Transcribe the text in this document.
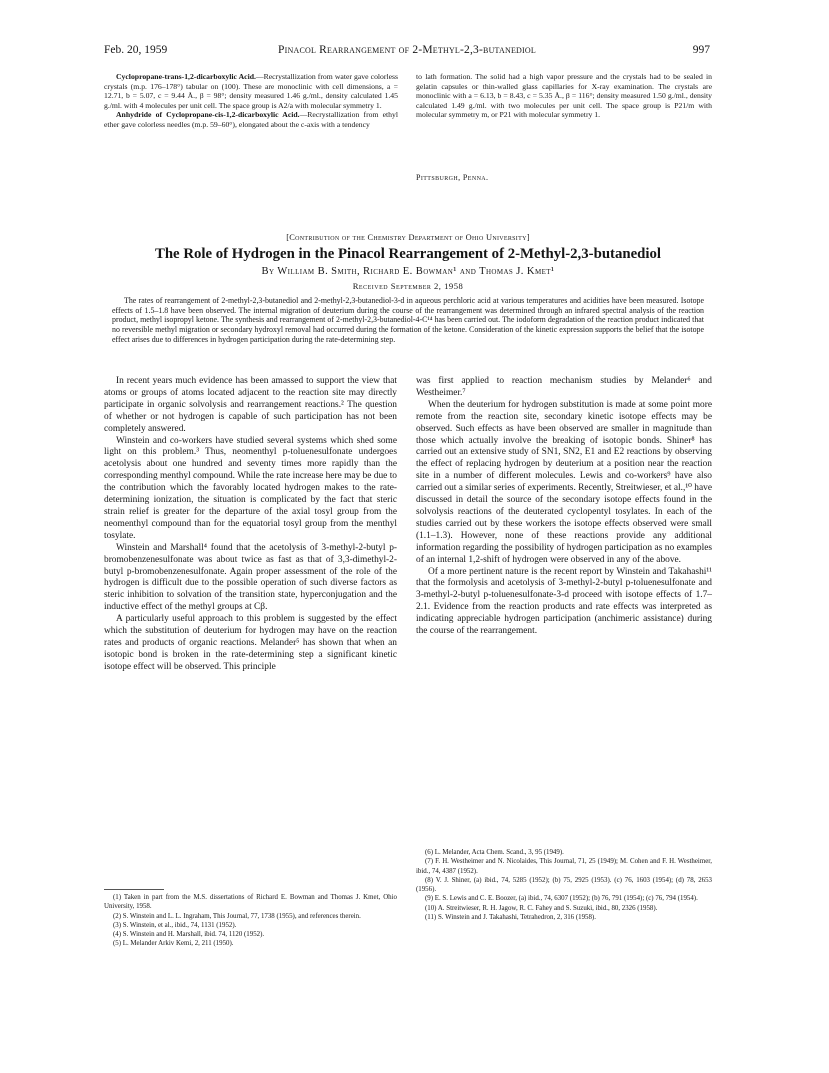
Feb. 20, 1959	Pinacol Rearrangement of 2-Methyl-2,3-butanediol	997

Cyclopropane-trans-1,2-dicarboxylic Acid.—Recrystallization from water gave colorless crystals (m.p. 176–178°) tabular on (100). These are monoclinic with cell dimensions, a = 12.71, b = 5.07, c = 9.44 Å., β = 98°; density measured 1.46 g./ml., density calculated 1.45 g./ml. with 4 molecules per unit cell. The space group is A2/a with molecular symmetry 1.

Anhydride of Cyclopropane-cis-1,2-dicarboxylic Acid.—Recrystallization from ethyl ether gave colorless needles (m.p. 59–60°), elongated about the c-axis with a tendency

to lath formation. The solid had a high vapor pressure and the crystals had to be sealed in gelatin capsules or thin-walled glass capillaries for X-ray examination. The crystals are monoclinic with a = 6.13, b = 8.43, c = 5.35 Å., β = 116°; density measured 1.50 g./ml., density calculated 1.49 g./ml. with two molecules per unit cell. The space group is P21/m with molecular symmetry m, or P21 with molecular symmetry 1.

Pittsburgh, Penna.
[Contribution of the Chemistry Department of Ohio University]
The Role of Hydrogen in the Pinacol Rearrangement of 2-Methyl-2,3-butanediol
By William B. Smith, Richard E. Bowman¹ and Thomas J. Kmet¹
Received September 2, 1958
The rates of rearrangement of 2-methyl-2,3-butanediol and 2-methyl-2,3-butanediol-3-d in aqueous perchloric acid at various temperatures and acidities have been measured. Isotope effects of 1.5–1.8 have been observed. The internal migration of deuterium during the course of the rearrangement was determined through an infrared spectral analysis of the reaction product, methyl isopropyl ketone. The synthesis and rearrangement of 2-methyl-2,3-butanediol-4-C¹⁴ has been carried out. The iodoform degradation of the reaction product indicated that no reversible methyl migration or secondary hydroxyl removal had occurred during the formation of the ketone. Consideration of the kinetic expression supports the belief that the isotope effect arises due to differences in hydrogen participation during the rate-determining step.

In recent years much evidence has been amassed to support the view that atoms or groups of atoms located adjacent to the reaction site may directly participate in organic solvolysis and rearrangement reactions.² The question of whether or not hydrogen is capable of such participation has not been completely answered.

Winstein and co-workers have studied several systems which shed some light on this problem.³ Thus, neomenthyl p-toluenesulfonate undergoes acetolysis about one hundred and seventy times more rapidly than the corresponding menthyl compound. While the rate increase here may be due to the contribution which the favorably located hydrogen makes to the rate-determining ionization, the situation is complicated by the fact that steric strain relief is greater for the departure of the axial tosyl group from the neomenthyl compound than for the equatorial tosyl group from the menthyl tosylate.

Winstein and Marshall⁴ found that the acetolysis of 3-methyl-2-butyl p-bromobenzenesulfonate was about twice as fast as that of 3,3-dimethyl-2-butyl p-bromobenzenesulfonate. Again proper assessment of the role of the hydrogen is difficult due to the possible operation of such diverse factors as steric inhibition to solvation of the transition state, hyperconjugation and the inductive effect of the methyl groups at Cβ.

A particularly useful approach to this problem is suggested by the effect which the substitution of deuterium for hydrogen may have on the reaction rates and products of organic reactions. Melander⁵ has shown that when an isotopic bond is broken in the rate-determining step a significant kinetic isotope effect will be observed. This principle

was first applied to reaction mechanism studies by Melander⁶ and Westheimer.⁷

When the deuterium for hydrogen substitution is made at some point more remote from the reaction site, secondary kinetic isotope effects may be observed. Such effects as have been observed are smaller in magnitude than those which actually involve the breaking of isotopic bonds. Shiner⁸ has carried out an extensive study of SN1, SN2, E1 and E2 reactions by observing the effect of replacing hydrogen by deuterium at a position near the reaction site in a number of different molecules. Lewis and co-workers⁹ have also carried out a similar series of experiments. Recently, Streitwieser, et al.,¹⁰ have discussed in detail the source of the secondary isotope effects found in the solvolysis reactions of the deuterated cyclopentyl tosylates. In each of the studies carried out by these workers the isotope effects observed were small (1.1–1.3). However, none of these reactions provide any additional information regarding the possibility of hydrogen participation as no examples of an internal 1,2-shift of hydrogen were observed in any of the above.

Of a more pertinent nature is the recent report by Winstein and Takahashi¹¹ that the formolysis and acetolysis of 3-methyl-2-butyl p-toluenesulfonate and 3-methyl-2-butyl p-toluenesulfonate-3-d proceed with isotope effects of 1.7–2.1. Evidence from the reaction products and rate effects was interpreted as indicating appreciable hydrogen participation (anchimeric assistance) during the course of the rearrangement.

(1) Taken in part from the M.S. dissertations of Richard E. Bowman and Thomas J. Kmet, Ohio University, 1958.

(2) S. Winstein and L. L. Ingraham, This Journal, 77, 1738 (1955), and references therein.

(3) S. Winstein, et al., ibid., 74, 1131 (1952).

(4) S. Winstein and H. Marshall, ibid. 74, 1120 (1952).

(5) L. Melander Arkiv Kemi, 2, 211 (1950).

(6) L. Melander, Acta Chem. Scand., 3, 95 (1949).

(7) F. H. Westheimer and N. Nicolaides, This Journal, 71, 25 (1949); M. Cohen and F. H. Westheimer, ibid., 74, 4387 (1952).

(8) V. J. Shiner, (a) ibid., 74, 5285 (1952); (b) 75, 2925 (1953). (c) 76, 1603 (1954); (d) 78, 2653 (1956).

(9) E. S. Lewis and C. E. Boozer, (a) ibid., 74, 6307 (1952); (b) 76, 791 (1954); (c) 76, 794 (1954).

(10) A. Streitwieser, R. H. Jagow, R. C. Fahey and S. Suzuki, ibid., 80, 2326 (1958).

(11) S. Winstein and J. Takahashi, Tetrahedron, 2, 316 (1958).
